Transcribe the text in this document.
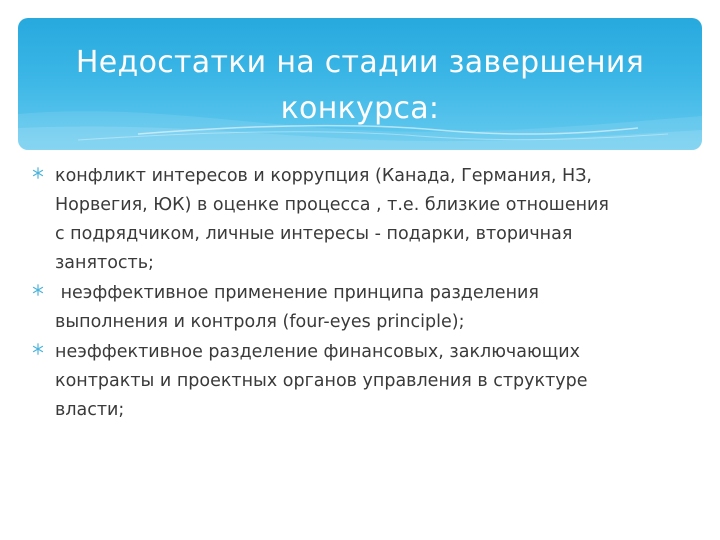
Недостатки на стадии завершения
конкурса:
конфликт интересов и коррупция (Канада, Германия, НЗ,
Норвегия, ЮК) в оценке процесса , т.е. близкие отношения
с подрядчиком, личные интересы - подарки, вторичная
занятость;
неэффективное применение принципа разделения
выполнения и контроля (four-eyes principle);
неэффективное разделение финансовых, заключающих
контракты и проектных органов управления в структуре
власти;
